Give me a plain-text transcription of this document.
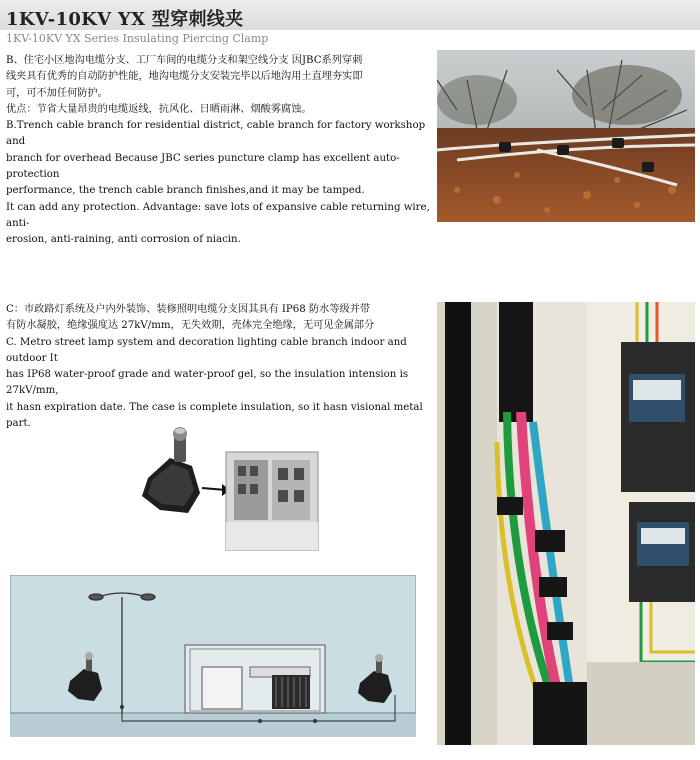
1KV-10KV YX 型穿刺线夹
1KV-10KV YX Series Insulating Piercing Clamp

B、住宅小区地沟电缆分支、工厂车间的电缆分支和架空线分支 因JBC系列穿刺

线夹具有优秀的自动防护性能，地沟电缆分支安装完毕以后地沟用土直埋夯实即

可，可不加任何防护。

优点：节省大量昂贵的电缆返线，抗风化、日晒雨淋、烟酸雾腐蚀。

B.Trench cable branch for residential district, cable branch for factory workshop and

branch for overhead Because JBC series puncture clamp has excellent auto-protection

performance, the trench cable branch finishes,and it may be tamped.

It can add any protection. Advantage: save lots of expansive cable returning wire, anti-

erosion, anti-raining, anti corrosion of niacin.

C：市政路灯系统及户内外装饰、装修照明电缆分支因其具有 IP68 防水等级并带

有防水凝胶，绝缘强度达 27kV/mm，无失效期，壳体完全绝缘，无可见金属部分

C. Metro street lamp system and decoration lighting cable branch indoor and outdoor It

has IP68 water-proof grade and water-proof gel, so the insulation intension is 27kV/mm,

it hasn expiration date. The case is complete insulation, so it hasn visional metal part.
